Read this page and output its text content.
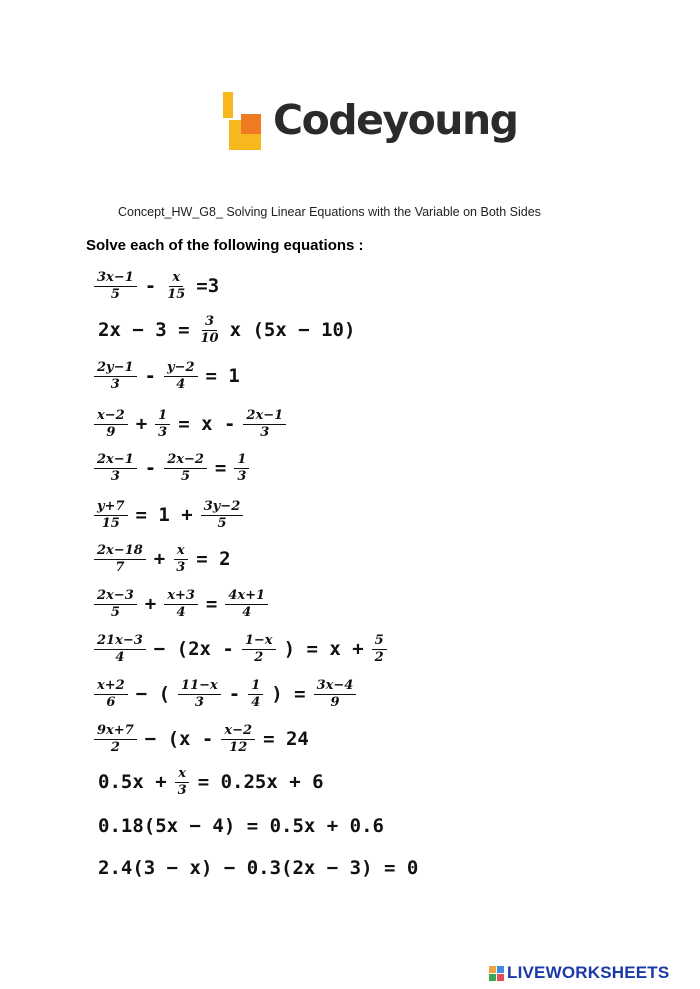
Codeyoung
Concept_HW_G8_ Solving Linear Equations with the Variable on Both Sides
Solve each of the following equations :
$\frac{3x-1}{5} - \frac{x}{15} =3$
$2x - 3 = \frac{3}{10}$ x (5x − 10)
$\frac{2y-1}{3} - \frac{y-2}{4} = 1$
$\frac{x-2}{9} + \frac{1}{3} = x - \frac{2x-1}{3}$
$\frac{2x-1}{3} - \frac{2x-2}{5} = \frac{1}{3}$
$\frac{y+7}{15} = 1 + \frac{3y-2}{5}$
$\frac{2x-18}{7} + \frac{x}{3} = 2$
$\frac{2x-3}{5} + \frac{x+3}{4} = \frac{4x+1}{4}$
$\frac{21x-3}{4} - (2x - \frac{1-x}{2}$ ) = $x + \frac{5}{2}$
$\frac{x+2}{6}$ − ( $\frac{11-x}{3} - \frac{1}{4}$ ) = $\frac{3x-4}{9}$
$\frac{9x+7}{2} - (x - \frac{x-2}{12} = 24$
$0.5x + \frac{x}{3} = 0.25x + 6$
0.18(5x − 4) = 0.5x + 0.6
2.4(3 − x) − 0.3(2x − 3) = 0
LIVEWORKSHEETS
